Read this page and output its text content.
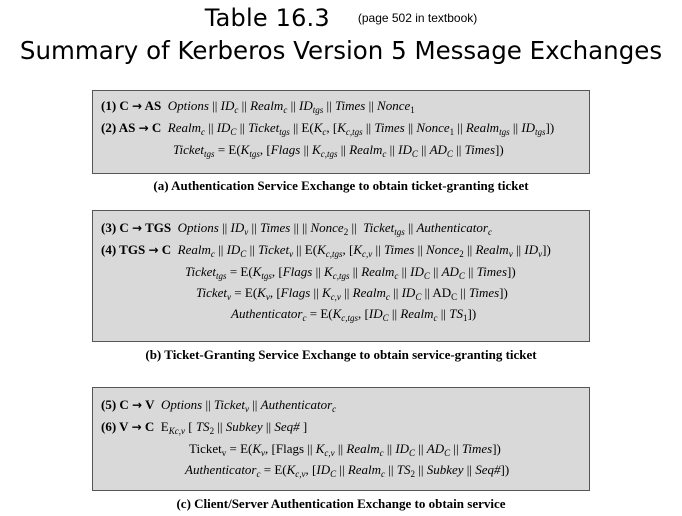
Table 16.3 $^{(page 502 in textbook)}$
Summary of Kerberos Version 5 Message Exchanges
(1) C → AS Options || $ID_c$ || Realm$_c$ || $ID_{tgs}$ || Times || Nonce$_1$
(2) AS → C Realm$_c$ || $ID_C$ || Ticket$_{tgs}$ || $E(K_c$, [$K_{c,tgs}$ || Times || Nonce$_1$ || Realm$_{tgs}$ || $ID_{tgs}$])
Ticket$_{tgs}$ = $E(K_{tgs}$, [Flags || $K_{c,tgs}$ || Realm$_c$ || $ID_C$ || $AD_C$ || Times])
(a) Authentication Service Exchange to obtain ticket-granting ticket
(3) C → TGS Options || $ID_v$ || Times || || Nonce$_2$ ||  Ticket$_{tgs}$ || Authenticator$_c$
(4) TGS → C Realm$_c$ || $ID_C$ || Ticket$_v$ || $E(K_{c,tgs}$, [$K_{c,v}$ || Times || Nonce$_2$ || Realm$_v$ || $ID_v$])
Ticket$_{tgs}$ = $E(K_{tgs}$, [Flags || $K_{c,tgs}$ || Realm$_c$ || $ID_C$ || $AD_C$ || Times])
Ticket$_v$ = $E(K_v$, [Flags || $K_{c,v}$ || Realm$_c$ || $ID_C$ || $AD_C$ || Times])
Authenticator$_c$ = $E(K_{c,tgs}$, [$ID_C$ || Realm$_c$ || $TS_1$])
(b) Ticket-Granting Service Exchange to obtain service-granting ticket
(5) C → V Options || Ticket$_v$ || Authenticator$_c$
(6) V → C  $E_{Kc,v}$ [ $TS_2$ || Subkey || Seq# ]
Ticket$_v$ = $E(K_v$, [Flags || $K_{c,v}$ || Realm$_c$ || $ID_C$ || $AD_C$ || Times])
Authenticator$_c$ = $E(K_{c,v}$, [$ID_C$ || Realm$_c$ || $TS_2$ || Subkey || Seq#])
(c) Client/Server Authentication Exchange to obtain service
